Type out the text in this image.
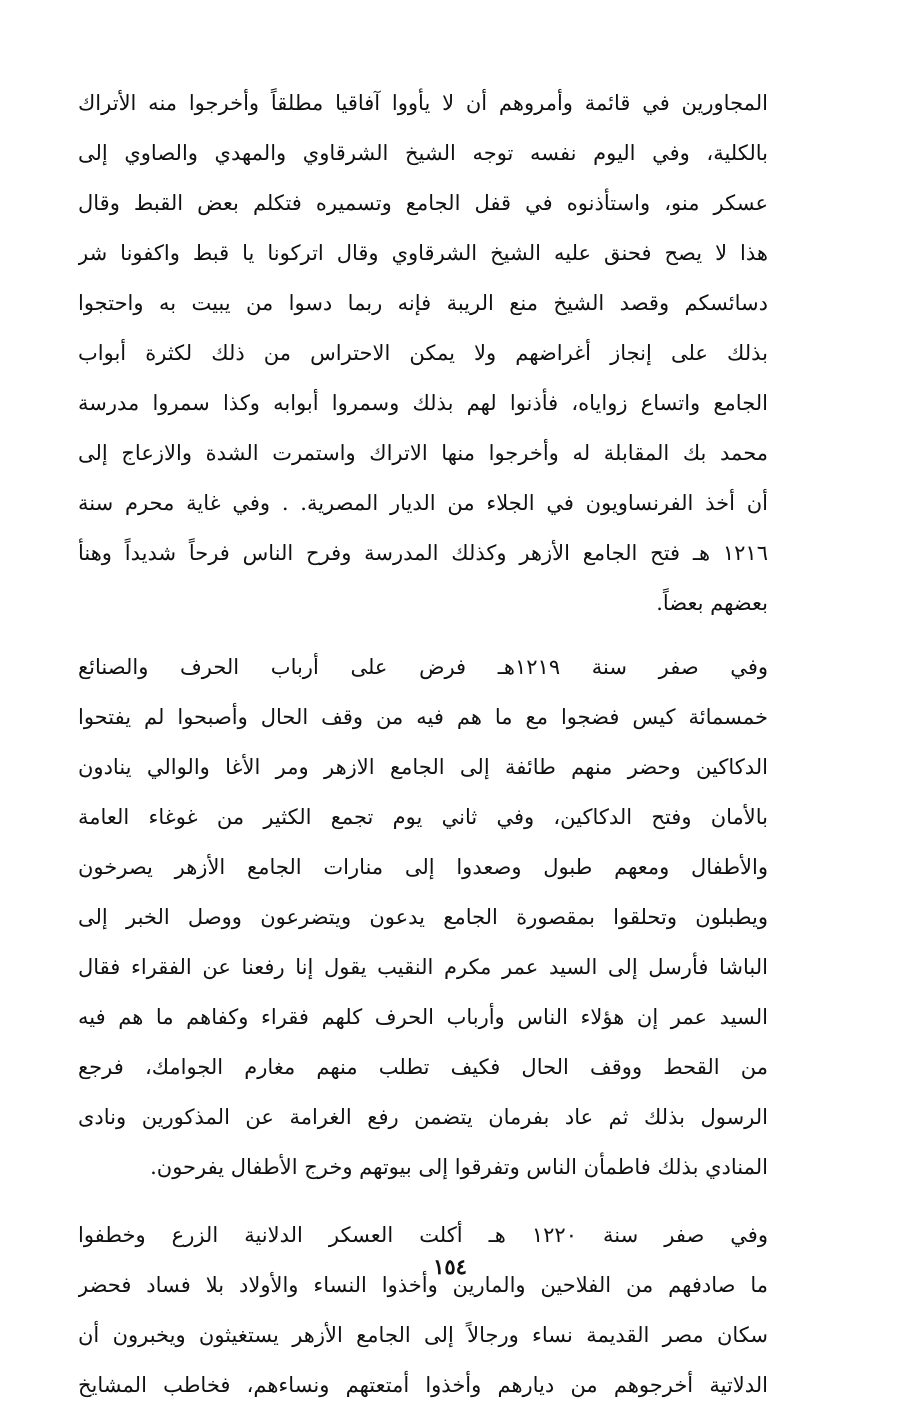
المجاورين في قائمة وأمروهم أن لا يأووا آفاقيا مطلقاً وأخرجوا منه الأتراك
بالكلية، وفي اليوم نفسه توجه الشيخ الشرقاوي والمهدي والصاوي إلى
عسكر منو، واستأذنوه في قفل الجامع وتسميره فتكلم بعض القبط وقال
هذا لا يصح فحنق عليه الشيخ الشرقاوي وقال اتركونا يا قبط واكفونا شر
دسائسكم وقصد الشيخ منع الريبة فإنه ربما دسوا من يبيت به واحتجوا
بذلك على إنجاز أغراضهم ولا يمكن الاحتراس من ذلك لكثرة أبواب
الجامع واتساع زواياه، فأذنوا لهم بذلك وسمروا أبوابه وكذا سمروا مدرسة
محمد بك المقابلة له وأخرجوا منها الاتراك واستمرت الشدة والازعاج إلى
أن أخذ الفرنساويون في الجلاء من الديار المصرية. . وفي غاية محرم سنة
١٢١٦ هـ فتح الجامع الأزهر وكذلك المدرسة وفرح الناس فرحاً شديداً وهنأ
بعضهم بعضاً.
وفي صفر سنة ١٢١٩هـ فرض على أرباب الحرف والصنائع
خمسمائة كيس فضجوا مع ما هم فيه من وقف الحال وأصبحوا لم يفتحوا
الدكاكين وحضر منهم طائفة إلى الجامع الازهر ومر الأغا والوالي ينادون
بالأمان وفتح الدكاكين، وفي ثاني يوم تجمع الكثير من غوغاء العامة
والأطفال ومعهم طبول وصعدوا إلى منارات الجامع الأزهر يصرخون
ويطبلون وتحلقوا بمقصورة الجامع يدعون ويتضرعون ووصل الخبر إلى
الباشا فأرسل إلى السيد عمر مكرم النقيب يقول إنا رفعنا عن الفقراء فقال
السيد عمر إن هؤلاء الناس وأرباب الحرف كلهم فقراء وكفاهم ما هم فيه
من القحط ووقف الحال فكيف تطلب منهم مغارم الجوامك، فرجع
الرسول بذلك ثم عاد بفرمان يتضمن رفع الغرامة عن المذكورين ونادى
المنادي بذلك فاطمأن الناس وتفرقوا إلى بيوتهم وخرج الأطفال يفرحون.
وفي صفر سنة ١٢٢٠ هـ أكلت العسكر الدلانية الزرع وخطفوا
ما صادفهم من الفلاحين والمارين وأخذوا النساء والأولاد بلا فساد فحضر
سكان مصر القديمة نساء ورجالاً إلى الجامع الأزهر يستغيثون ويخبرون أن
الدلاتية أخرجوهم من ديارهم وأخذوا أمتعتهم ونساءهم، فخاطب المشايخ
١٥٤
